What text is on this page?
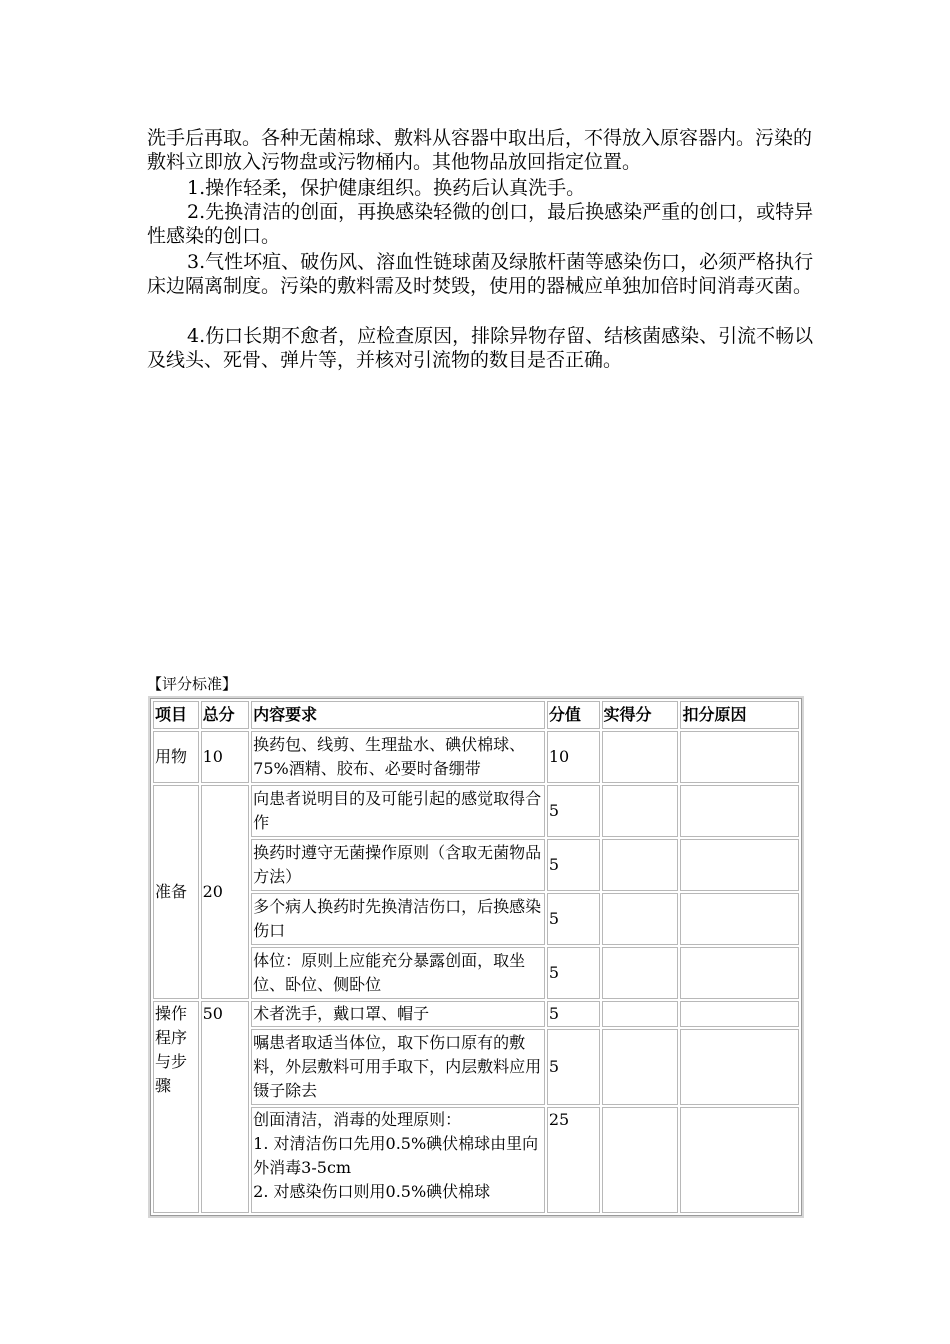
洗手后再取。各种无菌棉球、敷料从容器中取出后，不得放入原容器内。污染的敷料立即放入污物盘或污物桶内。其他物品放回指定位置。

1.操作轻柔，保护健康组织。换药后认真洗手。

2.先换清洁的创面，再换感染轻微的创口，最后换感染严重的创口，或特异性感染的创口。

3.气性坏疽、破伤风、溶血性链球菌及绿脓杆菌等感染伤口，必须严格执行床边隔离制度。污染的敷料需及时焚毁，使用的器械应单独加倍时间消毒灭菌。

4.伤口长期不愈者，应检查原因，排除异物存留、结核菌感染、引流不畅以及线头、死骨、弹片等，并核对引流物的数目是否正确。

【评分标准】
项目	总分	内容要求	分值	实得分	扣分原因
用物	10	换药包、线剪、生理盐水、碘伏棉球、75%酒精、胶布、必要时备绷带	10		
准备	20	向患者说明目的及可能引起的感觉取得合作	5		
		换药时遵守无菌操作原则（含取无菌物品方法）	5		
		多个病人换药时先换清洁伤口，后换感染伤口	5		
		体位：原则上应能充分暴露创面，取坐位、卧位、侧卧位	5		
操作程序与步骤	50	术者洗手，戴口罩、帽子	5		
		嘱患者取适当体位，取下伤口原有的敷料，外层敷料可用手取下，内层敷料应用镊子除去	5		
		创面清洁，消毒的处理原则：
1. 对清洁伤口先用0.5%碘伏棉球由里向外消毒3-5cm
2. 对感染伤口则用0.5%碘伏棉球	25		
